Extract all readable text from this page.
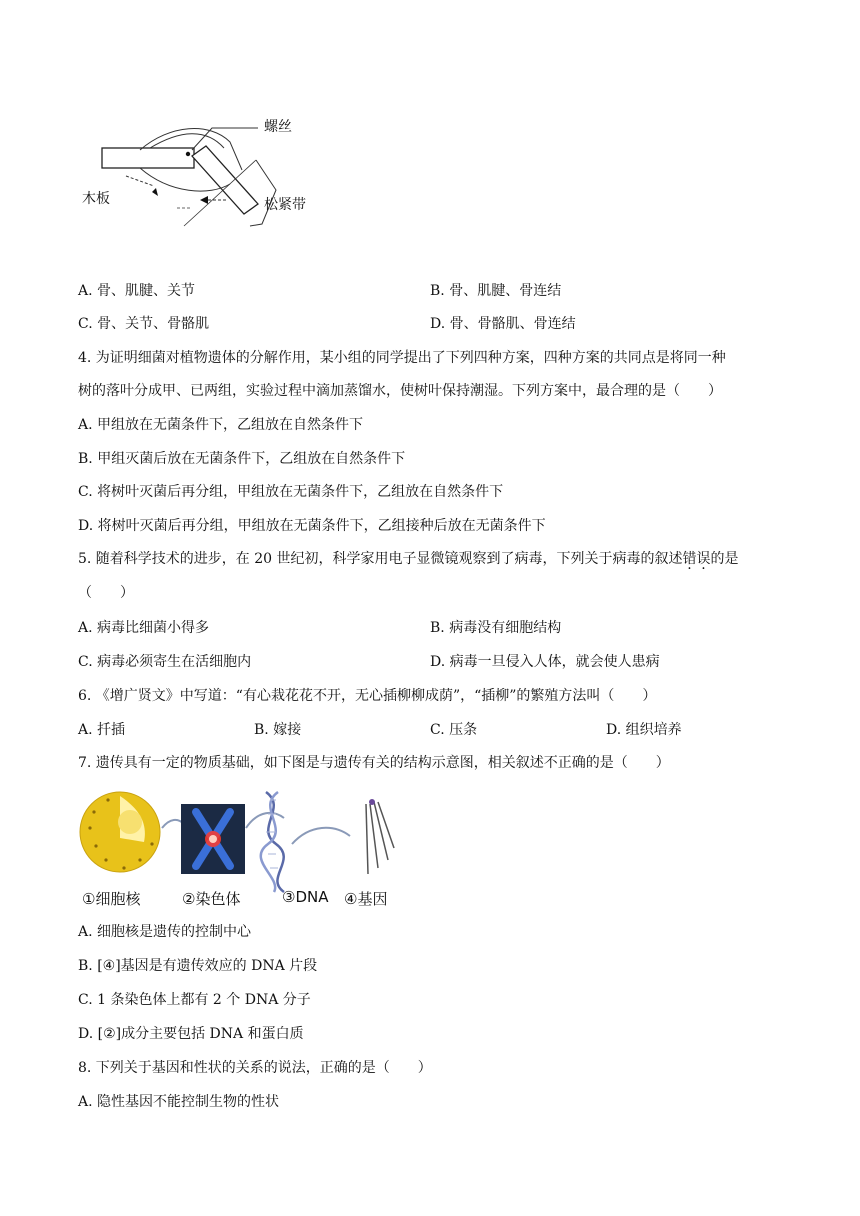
螺丝
木板	松紧带
A. 骨、肌腱、关节	B. 骨、肌腱、骨连结
C. 骨、关节、骨骼肌	D. 骨、骨骼肌、骨连结
4. 为证明细菌对植物遗体的分解作用，某小组的同学提出了下列四种方案，四种方案的共同点是将同一种
树的落叶分成甲、已两组，实验过程中滴加蒸馏水，使树叶保持潮湿。下列方案中，最合理的是（　　）
A. 甲组放在无菌条件下，乙组放在自然条件下
B. 甲组灭菌后放在无菌条件下，乙组放在自然条件下
C. 将树叶灭菌后再分组，甲组放在无菌条件下，乙组放在自然条件下
D. 将树叶灭菌后再分组，甲组放在无菌条件下，乙组接种后放在无菌条件下
5. 随着科学技术的进步，在 20 世纪初，科学家用电子显微镜观察到了病毒，下列关于病毒的叙述错误的是
（　　）
A. 病毒比细菌小得多	B. 病毒没有细胞结构
C. 病毒必须寄生在活细胞内	D. 病毒一旦侵入人体，就会使人患病
6. 《增广贤文》中写道：“有心栽花花不开，无心插柳柳成荫”，“插柳”的繁殖方法叫（　　）
A. 扦插	B. 嫁接	C. 压条	D. 组织培养
7. 遗传具有一定的物质基础，如下图是与遗传有关的结构示意图，相关叙述不正确的是（　　）
①细胞核	②染色体	③DNA ④基因
A. 细胞核是遗传的控制中心
B. [④]基因是有遗传效应的 DNA 片段
C. 1 条染色体上都有 2 个 DNA 分子
D. [②]成分主要包括 DNA 和蛋白质
8. 下列关于基因和性状的关系的说法，正确的是（　　）
A. 隐性基因不能控制生物的性状
